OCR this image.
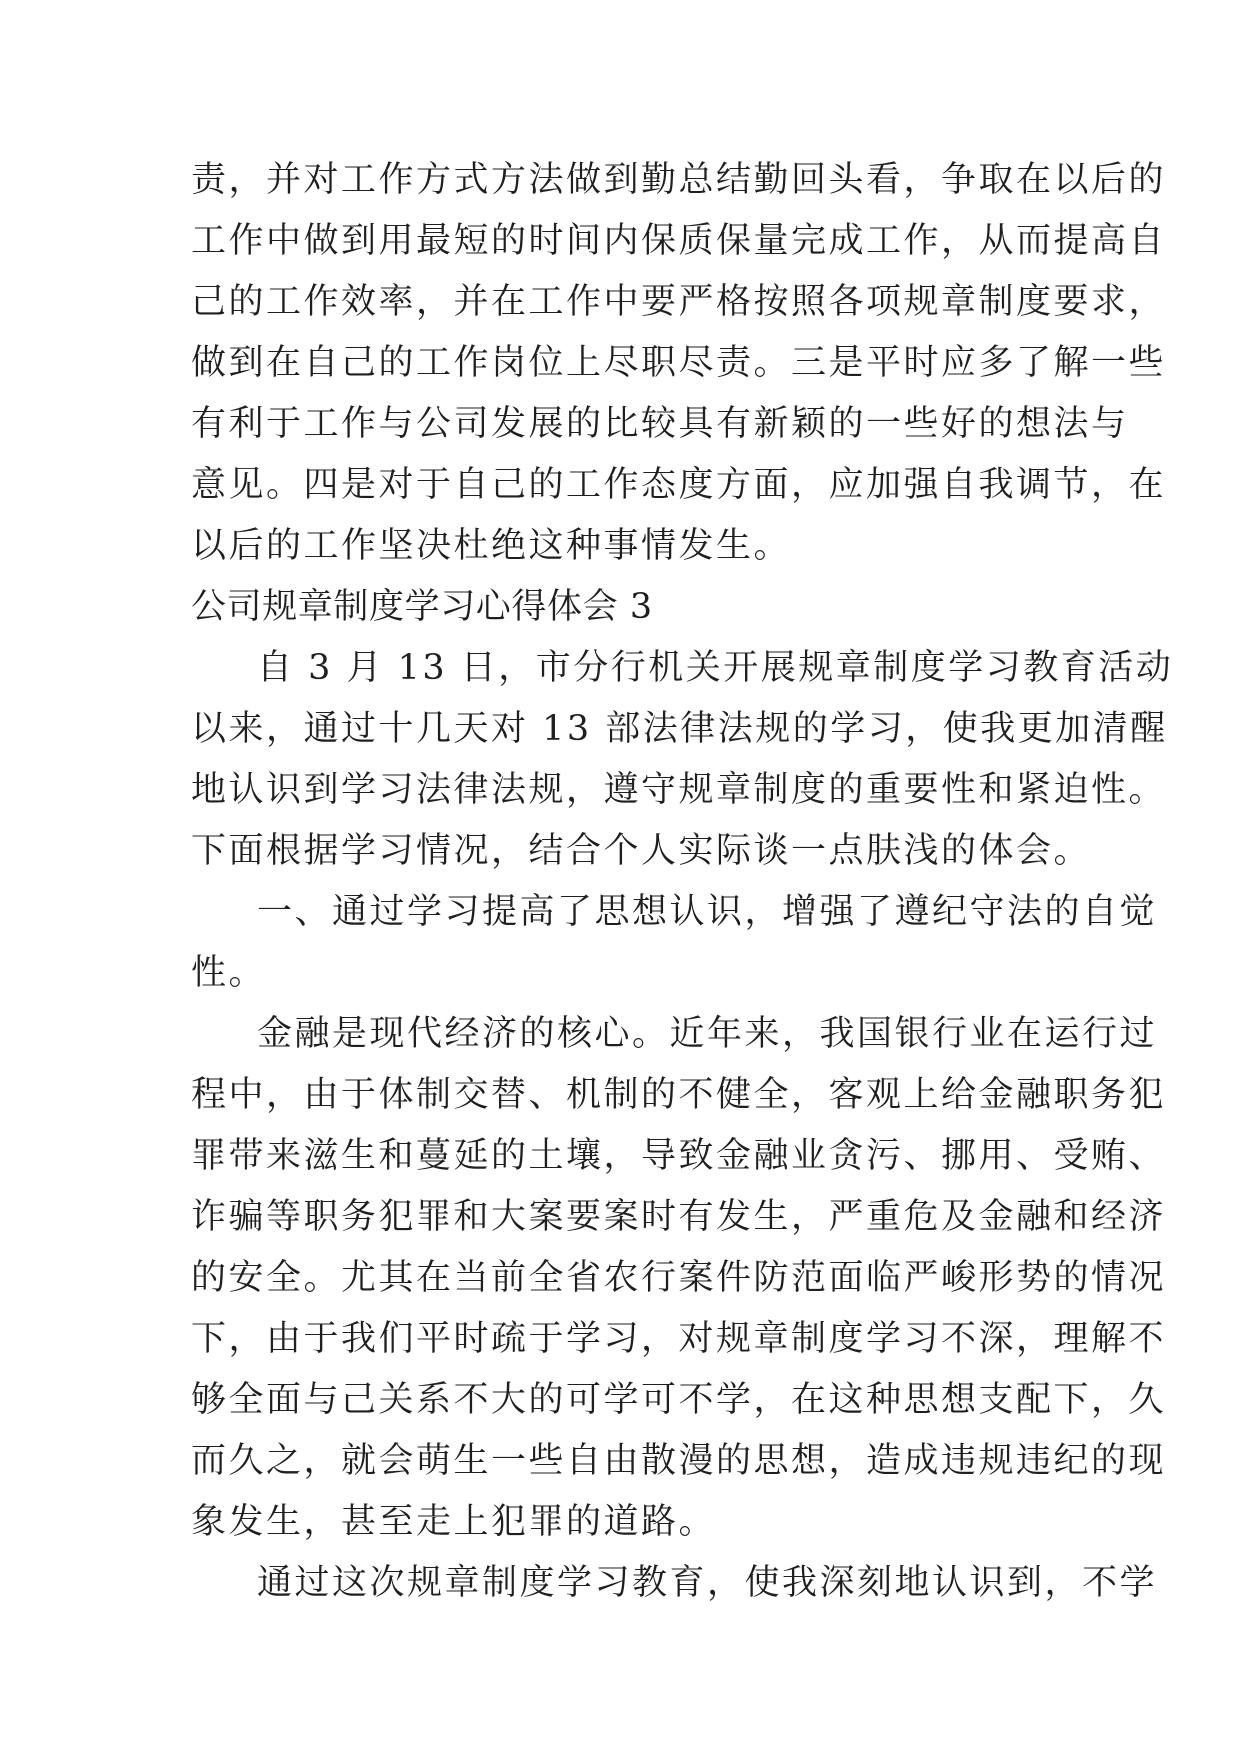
责，并对工作方式方法做到勤总结勤回头看，争取在以后的
工作中做到用最短的时间内保质保量完成工作，从而提高自
己的工作效率，并在工作中要严格按照各项规章制度要求，
做到在自己的工作岗位上尽职尽责。三是平时应多了解一些
有利于工作与公司发展的比较具有新颖的一些好的想法与
意见。四是对于自己的工作态度方面，应加强自我调节，在
以后的工作坚决杜绝这种事情发生。
公司规章制度学习心得体会 3
自 3 月 13 日，市分行机关开展规章制度学习教育活动
以来，通过十几天对 13 部法律法规的学习，使我更加清醒
地认识到学习法律法规，遵守规章制度的重要性和紧迫性。
下面根据学习情况，结合个人实际谈一点肤浅的体会。
一、通过学习提高了思想认识，增强了遵纪守法的自觉
性。
金融是现代经济的核心。近年来，我国银行业在运行过
程中，由于体制交替、机制的不健全，客观上给金融职务犯
罪带来滋生和蔓延的土壤，导致金融业贪污、挪用、受贿、
诈骗等职务犯罪和大案要案时有发生，严重危及金融和经济
的安全。尤其在当前全省农行案件防范面临严峻形势的情况
下，由于我们平时疏于学习，对规章制度学习不深，理解不
够全面与己关系不大的可学可不学，在这种思想支配下，久
而久之，就会萌生一些自由散漫的思想，造成违规违纪的现
象发生，甚至走上犯罪的道路。
通过这次规章制度学习教育，使我深刻地认识到，不学
